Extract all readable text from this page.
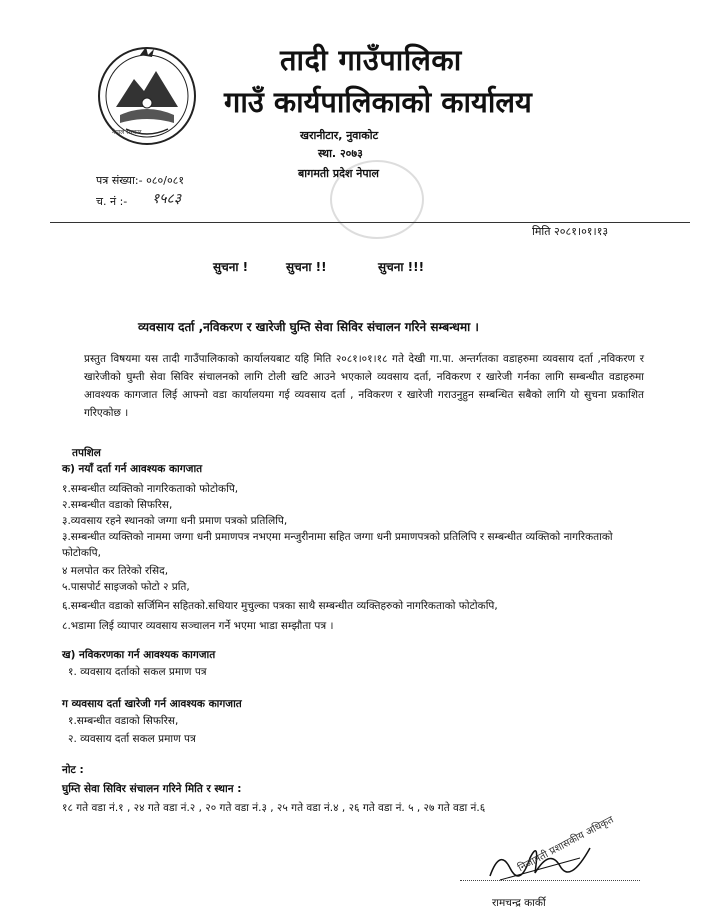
नेपाल सरकार
तादी गाउँपालिका
गाउँ कार्यपालिकाको कार्यालय
खरानीटार, नुवाकोट
स्था. २०७३
बागमती प्रदेश नेपाल
पत्र संख्या:- ०८०/०८१
च. नं :- १५८३
मिति २०८१।०१।१३
सुचना !	सुचना !!	सुचना !!!
व्यवसाय दर्ता ,नविकरण र खारेजी घुम्ति सेवा सिविर संचालन गरिने सम्बन्धमा ।
प्रस्तुत विषयमा यस तादी गाउँपालिकाको कार्यालयबाट यहि मिति २०८१।०१।१८ गते देखी गा.पा. अन्तर्गतका वडाहरुमा व्यवसाय दर्ता ,नविकरण र खारेजीको घुम्ती सेवा सिविर संचालनको लागि टोली खटि आउने भएकाले व्यवसाय दर्ता, नविकरण र खारेजी गर्नका लागि सम्बन्धीत वडाहरुमा आवश्यक कागजात लिई आफ्नो वडा कार्यालयमा गई व्यवसाय दर्ता , नविकरण र खारेजी गराउनुहुन सम्बन्धित सबैको लागि यो सुचना प्रकाशित गरिएकोछ ।
तपशिल
क) नयाँ दर्ता गर्न आवश्यक कागजात
१.सम्बन्धीत व्यक्तिको नागरिकताको फोटोकपि,
२.सम्बन्धीत वडाको सिफरिस,
३.व्यवसाय रहने स्थानको जग्गा धनी प्रमाण पत्रको प्रतिलिपि,
३.सम्बन्धीत व्यक्तिको नाममा जग्गा धनी प्रमाणपत्र नभएमा मन्जुरीनामा सहित जग्गा धनी प्रमाणपत्रको प्रतिलिपि र सम्बन्धीत व्यक्तिको नागरिकताको फोटोकपि,
४ मलपोत कर तिरेको रसिद,
५.पासपोर्ट साइजको फोटो २ प्रति,
६.सम्बन्धीत वडाको सर्जिमिन सहितको.सधियार मुचुल्का पत्रका साथै सम्बन्धीत व्यक्तिहरुको नागरिकताको फोटोकपि,
८.भडामा लिई व्यापार व्यवसाय सञ्चालन गर्ने भएमा भाडा सम्झौता पत्र ।
ख) नविकरणका गर्न आवश्यक कागजात
१. व्यवसाय दर्ताको सकल प्रमाण पत्र
ग व्यवसाय दर्ता खारेजी गर्न आवश्यक कागजात
१.सम्बन्धीत वडाको सिफरिस,
२. व्यवसाय दर्ता सकल प्रमाण पत्र
नोट :
घुम्ति सेवा सिविर संचालन गरिने मिति र स्थान :
१८ गते वडा नं.१ , २४ गते वडा नं.२ , २० गते वडा नं.३ , २५ गते वडा नं.४ , २६ गते वडा नं. ५ , २७ गते वडा नं.६
निजामती प्रशासकीय अधिकृत
रामचन्द्र कार्की
